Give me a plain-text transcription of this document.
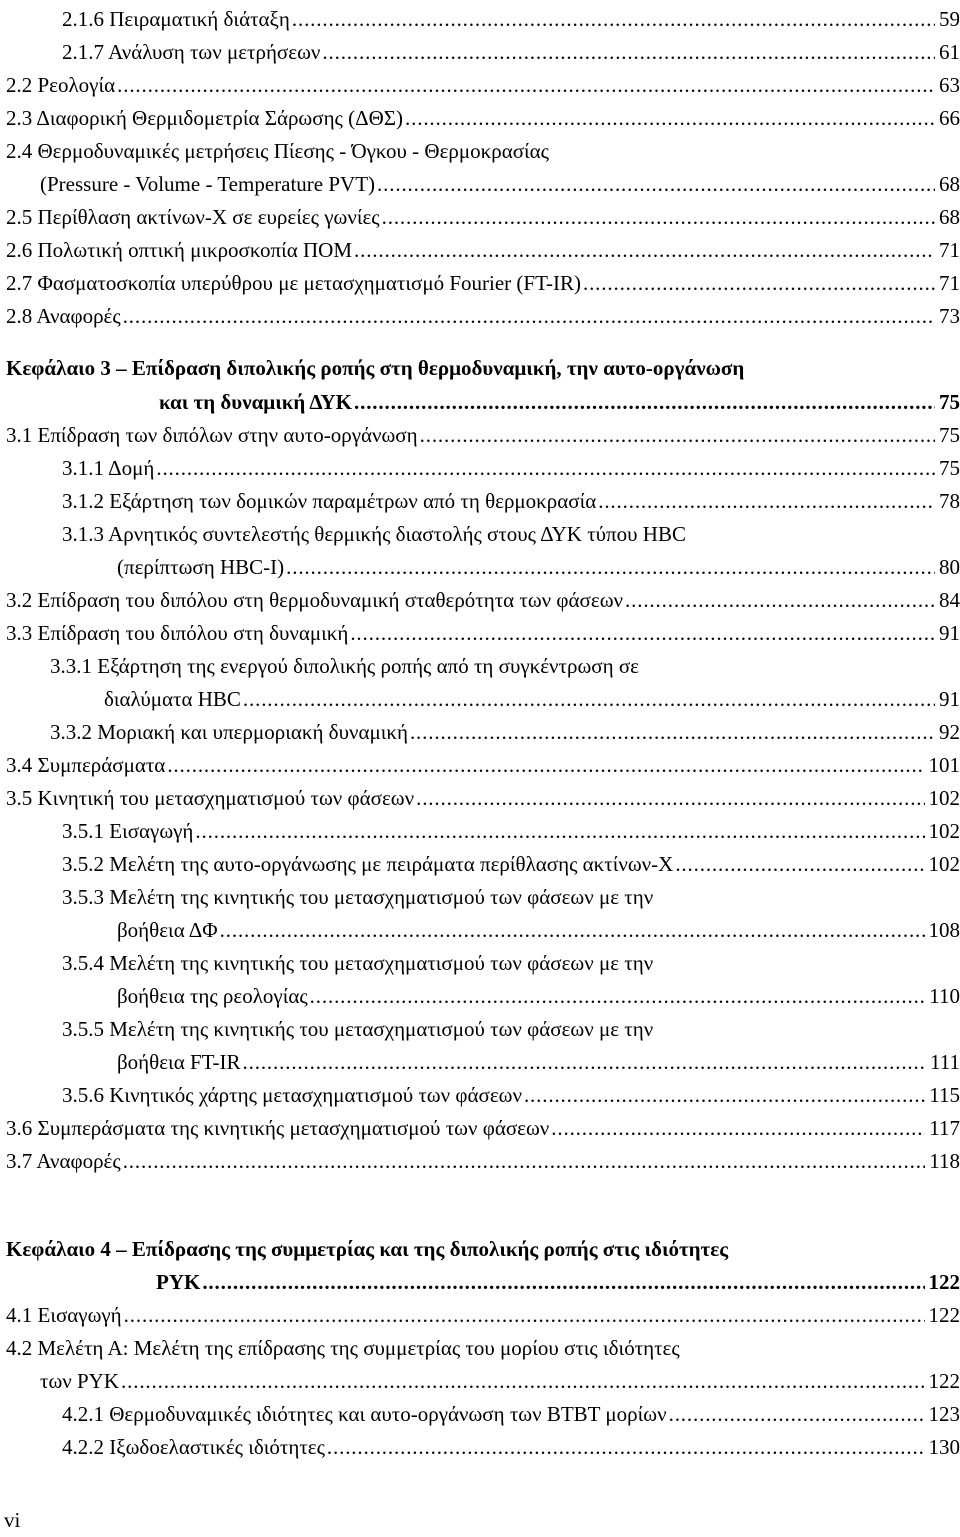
2.1.6 Πειραματική διάταξη . . .	59
2.1.7 Ανάλυση των μετρήσεων . . .	61
2.2 Ρεολογία . . .	63
2.3 Διαφορική Θερμιδομετρία Σάρωσης (ΔΘΣ) . . .	66
2.4 Θερμοδυναμικές μετρήσεις Πίεσης - Όγκου - Θερμοκρασίας
(Pressure - Volume - Temperature PVT) . . .	68
2.5 Περίθλαση ακτίνων-Χ σε ευρείες γωνίες . . .	68
2.6 Πολωτική οπτική μικροσκοπία ΠΟΜ . . .	71
2.7 Φασματοσκοπία υπερύθρου με μετασχηματισμό Fourier (FT-IR) . . .	71
2.8 Αναφορές . . .	73
Κεφάλαιο 3 – Επίδραση διπολικής ροπής στη θερμοδυναμική, την αυτο-οργάνωση
και τη δυναμική ΔΥΚ . . .	75
3.1 Επίδραση των διπόλων στην αυτο-οργάνωση . . .	75
3.1.1 Δομή . . .	75
3.1.2 Εξάρτηση των δομικών παραμέτρων από τη θερμοκρασία . . .	78
3.1.3 Αρνητικός συντελεστής θερμικής διαστολής στους ΔΥΚ τύπου HBC
(περίπτωση HBC-I) . . .	80
3.2 Επίδραση του διπόλου στη θερμοδυναμική σταθερότητα των φάσεων . . .	84
3.3 Επίδραση του διπόλου στη δυναμική . . .	91
3.3.1 Εξάρτηση της ενεργού διπολικής ροπής από τη συγκέντρωση σε
διαλύματα HBC . . .	91
3.3.2 Μοριακή και υπερμοριακή δυναμική . . .	92
3.4 Συμπεράσματα . . .	101
3.5 Κινητική του μετασχηματισμού των φάσεων . . .	102
3.5.1 Εισαγωγή . . .	102
3.5.2 Μελέτη της αυτο-οργάνωσης με πειράματα περίθλασης ακτίνων-Χ . . .	102
3.5.3 Μελέτη της κινητικής του μετασχηματισμού των φάσεων με την
βοήθεια ΔΦ . . .	108
3.5.4 Μελέτη της κινητικής του μετασχηματισμού των φάσεων με την
βοήθεια της ρεολογίας . . .	110
3.5.5 Μελέτη της κινητικής του μετασχηματισμού των φάσεων με την
βοήθεια FT-IR . . .	111
3.5.6 Κινητικός χάρτης μετασχηματισμού των φάσεων . . .	115
3.6 Συμπεράσματα της κινητικής μετασχηματισμού των φάσεων . . .	117
3.7 Αναφορές . . .	118
Κεφάλαιο 4 – Επίδρασης της συμμετρίας και της διπολικής ροπής στις ιδιότητες
ΡΥΚ . . .	122
4.1 Εισαγωγή . . .	122
4.2 Μελέτη Α: Μελέτη της επίδρασης της συμμετρίας του μορίου στις ιδιότητες
των ΡΥΚ . . .	122
4.2.1 Θερμοδυναμικές ιδιότητες και αυτο-οργάνωση των BTBT μορίων . . .	123
4.2.2 Ιξωδοελαστικές ιδιότητες . . .	130
vi
